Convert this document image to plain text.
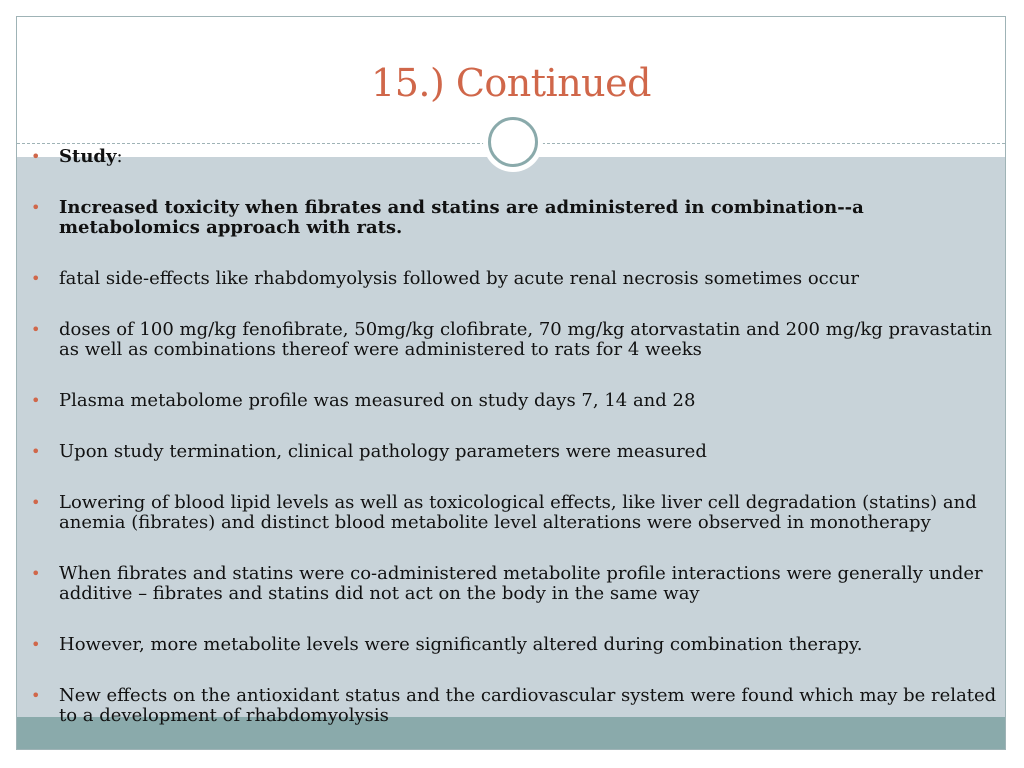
15.) Continued
• Study:
• Increased toxicity when fibrates and statins are administered in combination--a metabolomics approach with rats.
• fatal side-effects like rhabdomyolysis followed by acute renal necrosis sometimes occur
• doses of 100 mg/kg fenofibrate, 50mg/kg clofibrate, 70 mg/kg atorvastatin and 200 mg/kg pravastatin as well as combinations thereof were administered to rats for 4 weeks
• Plasma metabolome profile was measured on study days 7, 14 and 28
• Upon study termination, clinical pathology parameters were measured
• Lowering of blood lipid levels as well as toxicological effects, like liver cell degradation (statins) and anemia (fibrates) and distinct blood metabolite level alterations were observed in monotherapy
• When fibrates and statins were co-administered metabolite profile interactions were generally under additive – fibrates and statins did not act on the body in the same way
• However, more metabolite levels were significantly altered during combination therapy.
• New effects on the antioxidant status and the cardiovascular system were found which may be related to a development of rhabdomyolysis
